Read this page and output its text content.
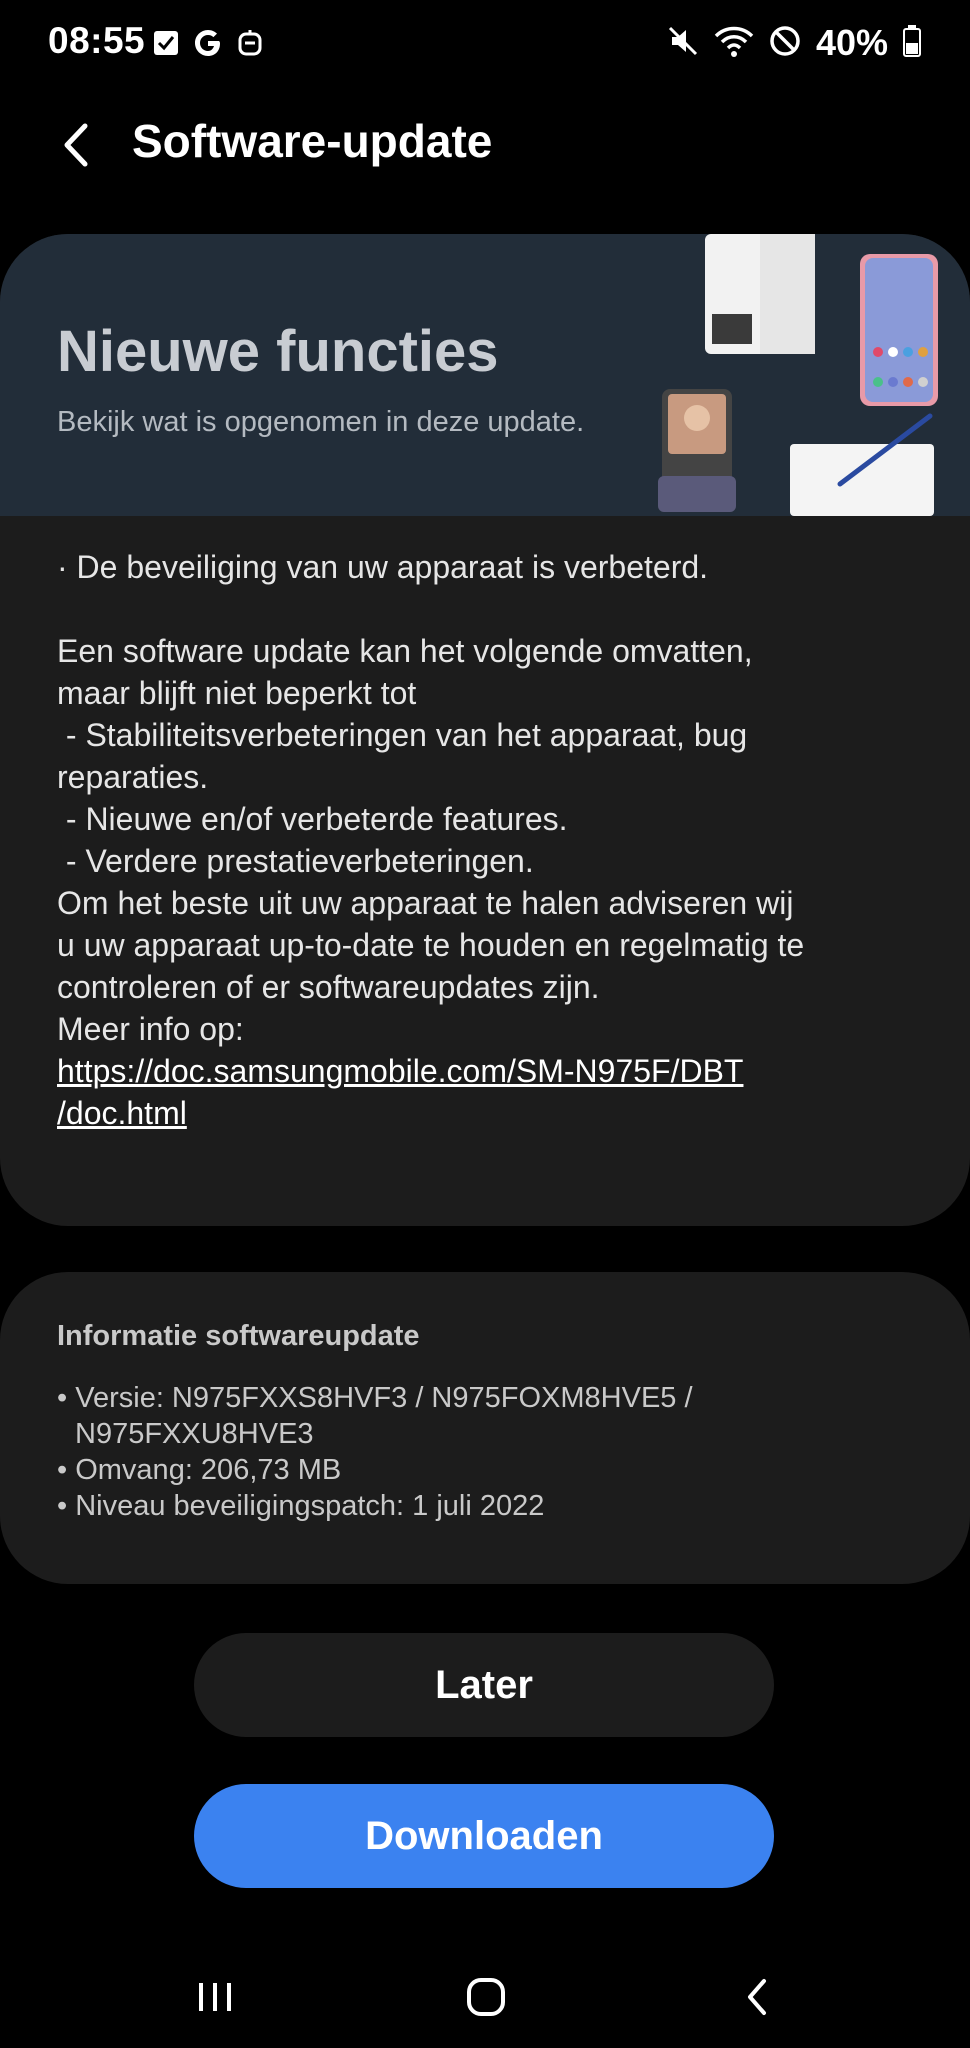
08:55	40%
Software-update
Nieuwe functies
Bekijk wat is opgenomen in deze update.
· De beveiliging van uw apparaat is verbeterd.

Een software update kan het volgende omvatten,
maar blijft niet beperkt tot
- Stabiliteitsverbeteringen van het apparaat, bug
reparaties.
- Nieuwe en/of verbeterde features.
- Verdere prestatieverbeteringen.
Om het beste uit uw apparaat te halen adviseren wij
u uw apparaat up-to-date te houden en regelmatig te
controleren of er softwareupdates zijn.

Meer info op:
https://doc.samsungmobile.com/SM-N975F/DBT
/doc.html
Informatie softwareupdate
• Versie: N975FXXS8HVF3 / N975FOXM8HVE5 /
N975FXXU8HVE3
• Omvang: 206,73 MB
• Niveau beveiligingspatch: 1 juli 2022
Later
Downloaden
